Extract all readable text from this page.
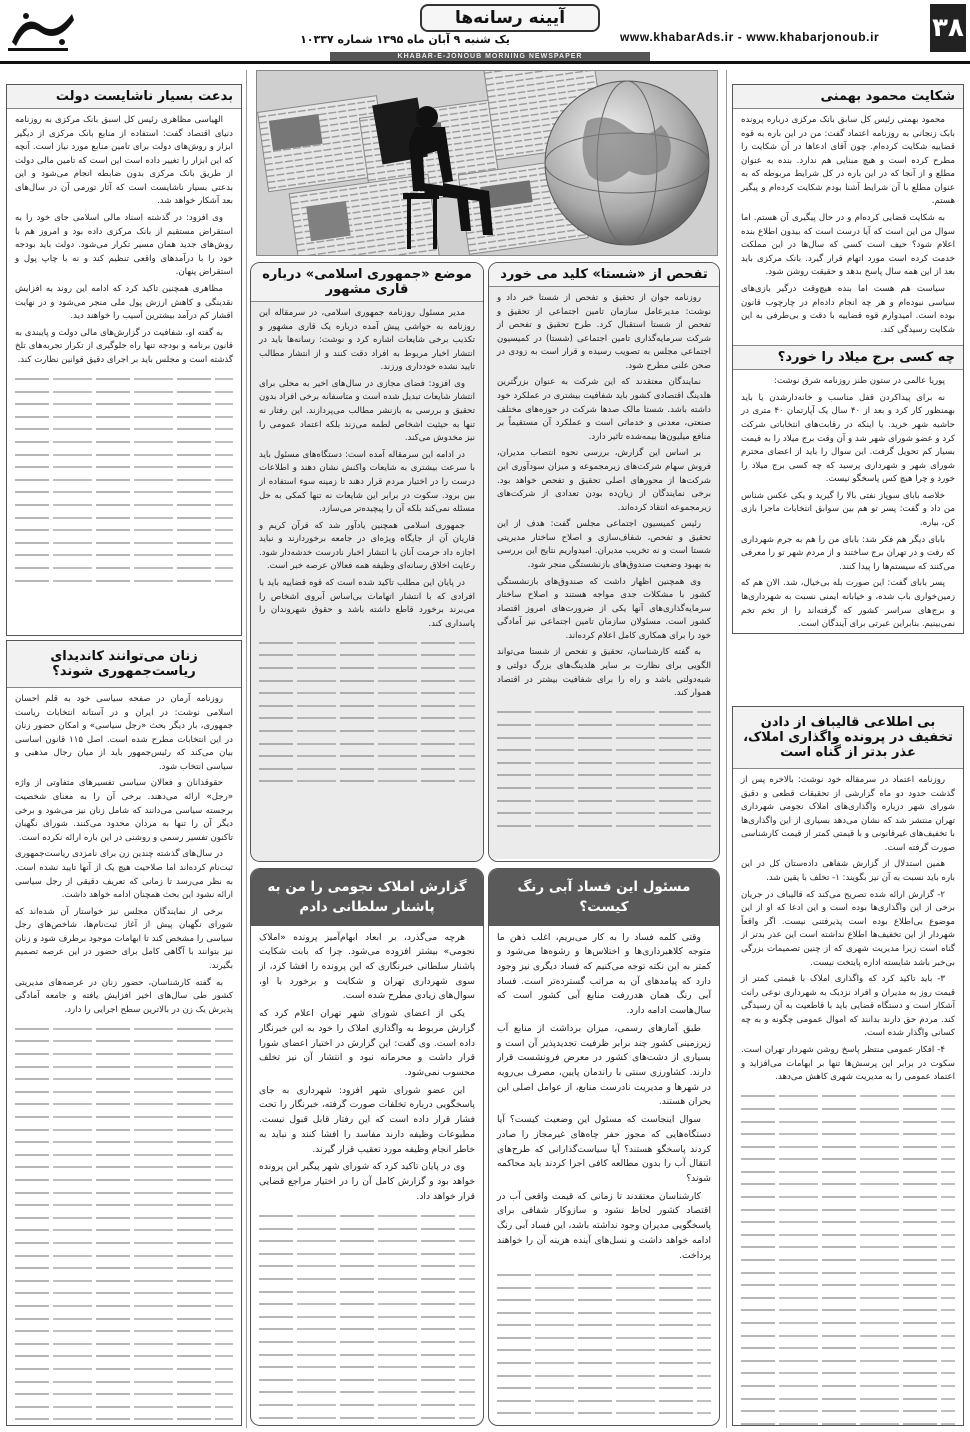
۳۸
آیینه رسانه‌ها
www.khabarAds.ir - www.khabarjonoub.ir
یک شنبه ۹ آبان ماه ۱۳۹۵ شماره ۱۰۳۳۷
KHABAR-E-JONOUB MORNING NEWSPAPER
شکایت محمود بهمنی

محمود بهمنی رئیس کل سابق بانک مرکزی درباره پرونده بابک زنجانی به روزنامه اعتماد گفت: من در این باره به قوه قضاییه شکایت کرده‌ام. چون آقای ادعاها در آن شکایت را مطرح کرده است و هیچ مبنایی هم ندارد. بنده به عنوان مطلع و از آنجا که در این باره در کل شرایط مربوطه که به عنوان مطلع با آن شرایط آشنا بودم شکایت کرده‌ام و پیگیر هستم.

به شکایت قضایی کرده‌ام و در حال پیگیری آن هستم. اما سوال من این است که آیا درست است که بیدون اطلاع بنده اعلام شود؟ حیف است کسی که سال‌ها در این مملکت خدمت کرده است مورد اتهام قرار گیرد. بانک مرکزی باید بعد از این همه سال پاسخ بدهد و حقیقت روشن شود.

سیاست هم هست اما بنده هیچ‌وقت درگیر بازی‌های سیاسی نبوده‌ام و هر چه انجام داده‌ام در چارچوب قانون بوده است. امیدوارم قوه قضاییه با دقت و بی‌طرفی به این شکایت رسیدگی کند.

چه کسی برج میلاد را خورد؟

پوریا عالمی در ستون طنز روزنامه شرق نوشت:

نه برای پیداکردن قفل مناسب و خانه‌دارشدن یا باید بهمنظور کار کرد و بعد از ۴۰ سال یک آپارتمان ۴۰ متری در حاشیه شهر خرید. یا اینکه در رقابت‌های انتخاباتی شرکت کرد و عضو شورای شهر شد و آن وقت برج میلاد را به قیمت بسیار کم تحویل گرفت. این سوال را باید از اعضای محترم شورای شهر و شهرداری پرسید که چه کسی برج میلاد را خورد و چرا هیچ کس پاسخگو نیست.

خلاصه بابای سوپاز نفتی بالا را گیرید و یکی عکس شناس من داد و گفت: پسر تو هم بین سوابق انتخابات ماجرا بازی کن، بیاره.

بابای دیگر هم فکر شد: بابای من را هم به جرم شهرداری که رفت و در تهران برج ساختند و از مردم شهر تو را معرفی می‌کنند که سیستم‌ها را پیدا کنند.

پسر بابای گفت: این صورت بله بی‌خیال، شد. الان هم که زمین‌خواری باب شده، و خیابانه ایمنی نسبت به شهرداری‌ها و برج‌های سراسر کشور که گرفته‌اند را از تخم تخم نمی‌بینیم. بنابراین عبرتی برای آیندگان است.

بی اطلاعی قالیباف از دادن تخفیف در پرونده واگذاری املاک، عذر بدتر از گناه است

روزنامه اعتماد در سرمقاله خود نوشت: بالاخره پس از گذشت حدود دو ماه گزارشی از تحقیقات قطعی و دقیق شورای شهر درباره واگذاری‌های املاک نجومی شهرداری تهران منتشر شد که نشان می‌دهد بسیاری از این واگذاری‌ها با تخفیف‌های غیرقانونی و با قیمتی کمتر از قیمت کارشناسی صورت گرفته است.

همین استدلال از گزارش شفاهی داده‌ستان کل در این باره باید نسبت به آن نیز بگویند: ۱- تخلف با یقین شد.

۲- گزارش ارائه شده تصریح می‌کند که قالیباف در جریان برخی از این واگذاری‌ها بوده است و این ادعا که او از این موضوع بی‌اطلاع بوده است پذیرفتنی نیست. اگر واقعاً شهردار از این تخفیف‌ها اطلاع نداشته است این عذر بدتر از گناه است زیرا مدیریت شهری که از چنین تصمیمات بزرگی بی‌خبر باشد شایسته اداره پایتخت نیست.

۳- باید تاکید کرد که واگذاری املاک با قیمتی کمتر از قیمت روز به مدیران و افراد نزدیک به شهرداری نوعی رانت آشکار است و دستگاه قضایی باید با قاطعیت به آن رسیدگی کند. مردم حق دارند بدانند که اموال عمومی چگونه و به چه کسانی واگذار شده است.

۴- افکار عمومی منتظر پاسخ روشن شهردار تهران است. سکوت در برابر این پرسش‌ها تنها بر ابهامات می‌افزاید و اعتماد عمومی را به مدیریت شهری کاهش می‌دهد.

بدعت بسیار ناشایست دولت

الهیاسی مظاهری رئیس کل اسبق بانک مرکزی به روزنامه دنیای اقتصاد گفت: استفاده از منابع بانک مرکزی از دیگیر ابزار و روش‌های دولت برای تامین منابع مورد نیاز است. آنچه که این ابزار را تغییر داده است این است که تامین مالی دولت از طریق بانک مرکزی بدون ضابطه انجام می‌شود و این بدعتی بسیار ناشایست است که آثار تورمی آن در سال‌های بعد آشکار خواهد شد.

وی افزود: در گذشته اسناد مالی اسلامی جای خود را به استقراض مستقیم از بانک مرکزی داده بود و امروز هم با روش‌های جدید همان مسیر تکرار می‌شود. دولت باید بودجه خود را با درآمدهای واقعی تنظیم کند و نه با چاپ پول و استقراض پنهان.

مظاهری همچنین تاکید کرد که ادامه این روند به افزایش نقدینگی و کاهش ارزش پول ملی منجر می‌شود و در نهایت اقشار کم درآمد بیشترین آسیب را خواهند دید.

به گفته او، شفافیت در گزارش‌های مالی دولت و پایبندی به قانون برنامه و بودجه تنها راه جلوگیری از تکرار تجربه‌های تلخ گذشته است و مجلس باید بر اجرای دقیق قوانین نظارت کند.

زنان می‌توانند کاندیدای ریاست‌جمهوری شوند؟

روزنامه آرمان در صفحه سیاسی خود به قلم احسان اسلامی نوشت: در ایران و در آستانه انتخابات ریاست جمهوری، بار دیگر بحث «رجل سیاسی» و امکان حضور زنان در این انتخابات مطرح شده است. اصل ۱۱۵ قانون اساسی بیان می‌کند که رئیس‌جمهور باید از میان رجال مذهبی و سیاسی انتخاب شود.

حقوقدانان و فعالان سیاسی تفسیرهای متفاوتی از واژه «رجل» ارائه می‌دهند. برخی آن را به معنای شخصیت برجسته سیاسی می‌دانند که شامل زنان نیز می‌شود و برخی دیگر آن را تنها به مردان محدود می‌کنند. شورای نگهبان تاکنون تفسیر رسمی و روشنی در این باره ارائه نکرده است.

در سال‌های گذشته چندین زن برای نامزدی ریاست‌جمهوری ثبت‌نام کرده‌اند اما صلاحیت هیچ یک از آنها تایید نشده است. به نظر می‌رسد تا زمانی که تعریف دقیقی از رجل سیاسی ارائه نشود این بحث همچنان ادامه خواهد داشت.

برخی از نمایندگان مجلس نیز خواستار آن شده‌اند که شورای نگهبان پیش از آغاز ثبت‌نام‌ها، شاخص‌های رجل سیاسی را مشخص کند تا ابهامات موجود برطرف شود و زنان نیز بتوانند با آگاهی کامل برای حضور در این عرصه تصمیم بگیرند.

به گفته کارشناسان، حضور زنان در عرصه‌های مدیریتی کشور طی سال‌های اخیر افزایش یافته و جامعه آمادگی پذیرش یک زن در بالاترین سطح اجرایی را دارد.

تفحص از «شستا» کلید می خورد

روزنامه جوان از تحقیق و تفحص از شستا خبر داد و نوشت: مدیرعامل سازمان تامین اجتماعی از تحقیق و تفحص از شستا استقبال کرد. طرح تحقیق و تفحص از شرکت سرمایه‌گذاری تامین اجتماعی (شستا) در کمیسیون اجتماعی مجلس به تصویب رسیده و قرار است به زودی در صحن علنی مطرح شود.

نمایندگان معتقدند که این شرکت به عنوان بزرگترین هلدینگ اقتصادی کشور باید شفافیت بیشتری در عملکرد خود داشته باشد. شستا مالک صدها شرکت در حوزه‌های مختلف صنعتی، معدنی و خدماتی است و عملکرد آن مستقیماً بر منافع میلیون‌ها بیمه‌شده تاثیر دارد.

بر اساس این گزارش، بررسی نحوه انتصاب مدیران، فروش سهام شرکت‌های زیرمجموعه و میزان سودآوری این شرکت‌ها از محورهای اصلی تحقیق و تفحص خواهد بود. برخی نمایندگان از زیان‌ده بودن تعدادی از شرکت‌های زیرمجموعه انتقاد کرده‌اند.

رئیس کمیسیون اجتماعی مجلس گفت: هدف از این تحقیق و تفحص، شفاف‌سازی و اصلاح ساختار مدیریتی شستا است و نه تخریب مدیران. امیدواریم نتایج این بررسی به بهبود وضعیت صندوق‌های بازنشستگی منجر شود.

وی همچنین اظهار داشت که صندوق‌های بازنشستگی کشور با مشکلات جدی مواجه هستند و اصلاح ساختار سرمایه‌گذاری‌های آنها یکی از ضرورت‌های امروز اقتصاد کشور است. مسئولان سازمان تامین اجتماعی نیز آمادگی خود را برای همکاری کامل اعلام کرده‌اند.

به گفته کارشناسان، تحقیق و تفحص از شستا می‌تواند الگویی برای نظارت بر سایر هلدینگ‌های بزرگ دولتی و شبه‌دولتی باشد و راه را برای شفافیت بیشتر در اقتصاد هموار کند.

موضع «جمهوری اسلامی» درباره قاری مشهور

مدیر مسئول روزنامه جمهوری اسلامی، در سرمقاله این روزنامه به حواشی پیش آمده درباره یک قاری مشهور و تکذیب برخی شایعات اشاره کرد و نوشت: رسانه‌ها باید در انتشار اخبار مربوط به افراد دقت کنند و از انتشار مطالب تایید نشده خودداری ورزند.

وی افزود: فضای مجازی در سال‌های اخیر به محلی برای انتشار شایعات تبدیل شده است و متاسفانه برخی افراد بدون تحقیق و بررسی به بازنشر مطالب می‌پردازند. این رفتار نه تنها به حیثیت اشخاص لطمه می‌زند بلکه اعتماد عمومی را نیز مخدوش می‌کند.

در ادامه این سرمقاله آمده است: دستگاه‌های مسئول باید با سرعت بیشتری به شایعات واکنش نشان دهند و اطلاعات درست را در اختیار مردم قرار دهند تا زمینه سوء استفاده از بین برود. سکوت در برابر این شایعات نه تنها کمکی به حل مسئله نمی‌کند بلکه آن را پیچیده‌تر می‌سازد.

جمهوری اسلامی همچنین یادآور شد که قرآن کریم و قاریان آن از جایگاه ویژه‌ای در جامعه برخوردارند و نباید اجازه داد حرمت آنان با انتشار اخبار نادرست خدشه‌دار شود. رعایت اخلاق رسانه‌ای وظیفه همه فعالان عرصه خبر است.

در پایان این مطلب تاکید شده است که قوه قضاییه باید با افرادی که با انتشار اتهامات بی‌اساس آبروی اشخاص را می‌برند برخورد قاطع داشته باشد و حقوق شهروندان را پاسداری کند.

مسئول این فساد آبی رنگ کیست؟

وقتی کلمه فساد را به کار می‌بریم، اغلب ذهن ما متوجه کلاهبرداری‌ها و اختلاس‌ها و رشوه‌ها می‌شود و کمتر به این نکته توجه می‌کنیم که فساد دیگری نیز وجود دارد که پیامدهای آن به مراتب گسترده‌تر است. فساد آبی رنگ همان هدررفت منابع آبی کشور است که سال‌هاست ادامه دارد.

طبق آمارهای رسمی، میزان برداشت از منابع آب زیرزمینی کشور چند برابر ظرفیت تجدیدپذیر آن است و بسیاری از دشت‌های کشور در معرض فرونشست قرار دارند. کشاورزی سنتی با راندمان پایین، مصرف بی‌رویه در شهرها و مدیریت نادرست منابع، از عوامل اصلی این بحران هستند.

سوال اینجاست که مسئول این وضعیت کیست؟ آیا دستگاه‌هایی که مجوز حفر چاه‌های غیرمجاز را صادر کردند پاسخگو هستند؟ آیا سیاست‌گذارانی که طرح‌های انتقال آب را بدون مطالعه کافی اجرا کردند باید محاکمه شوند؟

کارشناسان معتقدند تا زمانی که قیمت واقعی آب در اقتصاد کشور لحاظ نشود و سازوکار شفافی برای پاسخگویی مدیران وجود نداشته باشد، این فساد آبی رنگ ادامه خواهد داشت و نسل‌های آینده هزینه آن را خواهند پرداخت.

گزارش املاک نجومی را من به پاشنار سلطانی دادم

هرچه می‌گذرد، بر ابعاد ابهام‌آمیز پرونده «املاک نجومی» بیشتر افزوده می‌شود. چرا که بابت شکایت پاشنار سلطانی خبرنگاری که این پرونده را افشا کرد، از سوی شهرداری تهران و شکایت و برخورد با او، سوال‌های زیادی مطرح شده است.

یکی از اعضای شورای شهر تهران اعلام کرد که گزارش مربوط به واگذاری املاک را خود به این خبرنگار داده است. وی گفت: این گزارش در اختیار اعضای شورا قرار داشت و محرمانه نبود و انتشار آن نیز تخلف محسوب نمی‌شود.

این عضو شورای شهر افزود: شهرداری به جای پاسخگویی درباره تخلفات صورت گرفته، خبرنگار را تحت فشار قرار داده است که این رفتار قابل قبول نیست. مطبوعات وظیفه دارند مفاسد را افشا کنند و نباید به خاطر انجام وظیفه مورد تعقیب قرار گیرند.

وی در پایان تاکید کرد که شورای شهر پیگیر این پرونده خواهد بود و گزارش کامل آن را در اختیار مراجع قضایی قرار خواهد داد.
